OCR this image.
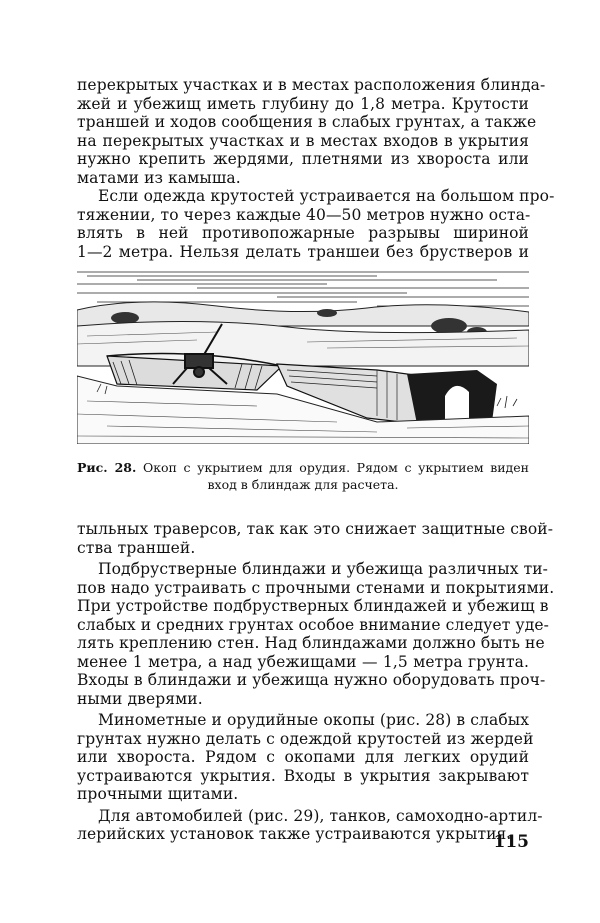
перекрытых участках и в местах расположения блинда-
жей и убежищ иметь глубину до 1,8 метра. Крутости
траншей и ходов сообщения в слабых грунтах, а также
на перекрытых участках и в местах входов в укрытия
нужно крепить жердями, плетнями из хвороста или
матами из камыша.
Если одежда крутостей устраивается на большом про-
тяжении, то через каждые 40—50 метров нужно оста-
влять в ней противопожарные разрывы шириной
1—2 метра. Нельзя делать траншеи без брустверов и
Рис. 28. Окоп с укрытием для орудия. Рядом с укрытием виден
вход в блиндаж для расчета.
тыльных траверсов, так как это снижает защитные свой-
ства траншей.
Подбрустверные блиндажи и убежища различных ти-
пов надо устраивать с прочными стенами и покрытиями.
При устройстве подбрустверных блиндажей и убежищ в
слабых и средних грунтах особое внимание следует уде-
лять креплению стен. Над блиндажами должно быть не
менее 1 метра, а над убежищами — 1,5 метра грунта.
Входы в блиндажи и убежища нужно оборудовать проч-
ными дверями.
Минометные и орудийные окопы (рис. 28) в слабых
грунтах нужно делать с одеждой крутостей из жердей
или хвороста. Рядом с окопами для легких орудий
устраиваются укрытия. Входы в укрытия закрывают
прочными щитами.
Для автомобилей (рис. 29), танков, самоходно-артил-
лерийских установок также устраиваются укрытия.
115
